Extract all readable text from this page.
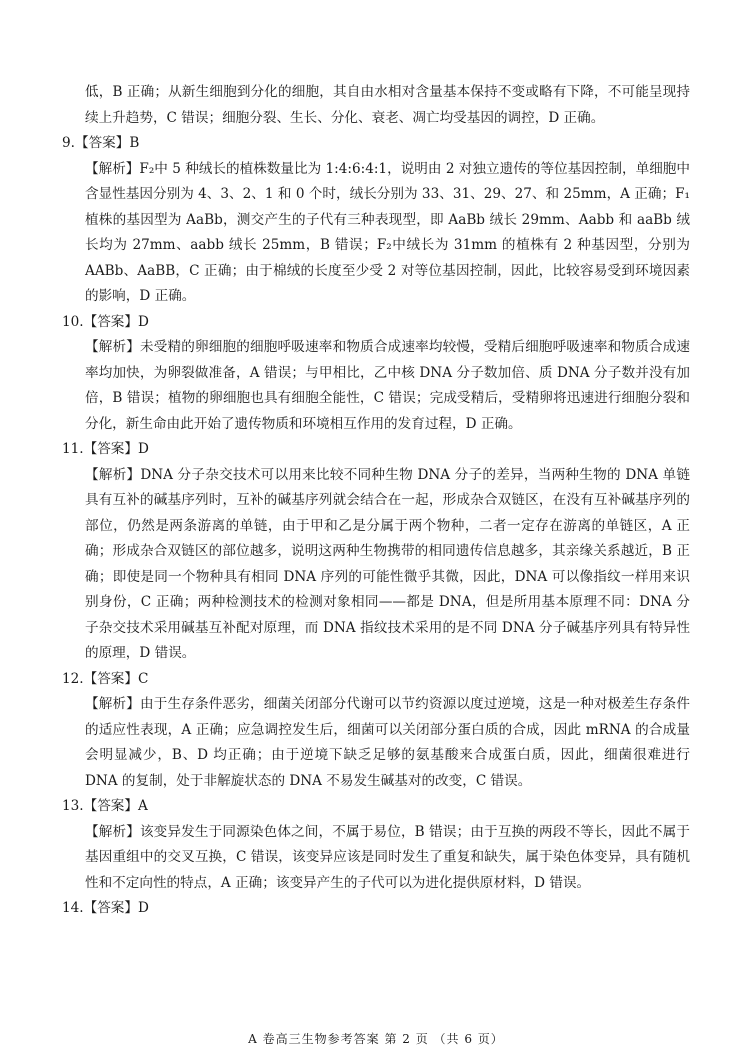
低，B 正确；从新生细胞到分化的细胞，其自由水相对含量基本保持不变或略有下降，不可能呈现持续上升趋势，C 错误；细胞分裂、生长、分化、衰老、凋亡均受基因的调控，D 正确。

9.【答案】B

【解析】F₂中 5 种绒长的植株数量比为 1:4:6:4:1，说明由 2 对独立遗传的等位基因控制，单细胞中含显性基因分别为 4、3、2、1 和 0 个时，绒长分别为 33、31、29、27、和 25mm，A 正确；F₁植株的基因型为 AaBb，测交产生的子代有三种表现型，即 AaBb 绒长 29mm、Aabb 和 aaBb 绒长均为 27mm、aabb 绒长 25mm，B 错误；F₂中绒长为 31mm 的植株有 2 种基因型，分别为 AABb、AaBB，C 正确；由于棉绒的长度至少受 2 对等位基因控制，因此，比较容易受到环境因素的影响，D 正确。

10.【答案】D

【解析】未受精的卵细胞的细胞呼吸速率和物质合成速率均较慢，受精后细胞呼吸速率和物质合成速率均加快，为卵裂做准备，A 错误；与甲相比，乙中核 DNA 分子数加倍、质 DNA 分子数并没有加倍，B 错误；植物的卵细胞也具有细胞全能性，C 错误；完成受精后，受精卵将迅速进行细胞分裂和分化，新生命由此开始了遗传物质和环境相互作用的发育过程，D 正确。

11.【答案】D

【解析】DNA 分子杂交技术可以用来比较不同种生物 DNA 分子的差异，当两种生物的 DNA 单链具有互补的碱基序列时，互补的碱基序列就会结合在一起，形成杂合双链区，在没有互补碱基序列的部位，仍然是两条游离的单链，由于甲和乙是分属于两个物种，二者一定存在游离的单链区，A 正确；形成杂合双链区的部位越多，说明这两种生物携带的相同遗传信息越多，其亲缘关系越近，B 正确；即使是同一个物种具有相同 DNA 序列的可能性微乎其微，因此，DNA 可以像指纹一样用来识别身份，C 正确；两种检测技术的检测对象相同——都是 DNA，但是所用基本原理不同：DNA 分子杂交技术采用碱基互补配对原理，而 DNA 指纹技术采用的是不同 DNA 分子碱基序列具有特异性的原理，D 错误。

12.【答案】C

【解析】由于生存条件恶劣，细菌关闭部分代谢可以节约资源以度过逆境，这是一种对极差生存条件的适应性表现，A 正确；应急调控发生后，细菌可以关闭部分蛋白质的合成，因此 mRNA 的合成量会明显减少，B、D 均正确；由于逆境下缺乏足够的氨基酸来合成蛋白质，因此，细菌很难进行 DNA 的复制，处于非解旋状态的 DNA 不易发生碱基对的改变，C 错误。

13.【答案】A

【解析】该变异发生于同源染色体之间，不属于易位，B 错误；由于互换的两段不等长，因此不属于基因重组中的交叉互换，C 错误，该变异应该是同时发生了重复和缺失，属于染色体变异，具有随机性和不定向性的特点，A 正确；该变异产生的子代可以为进化提供原材料，D 错误。

14.【答案】D

A 卷高三生物参考答案 第 2 页 （共 6 页）
